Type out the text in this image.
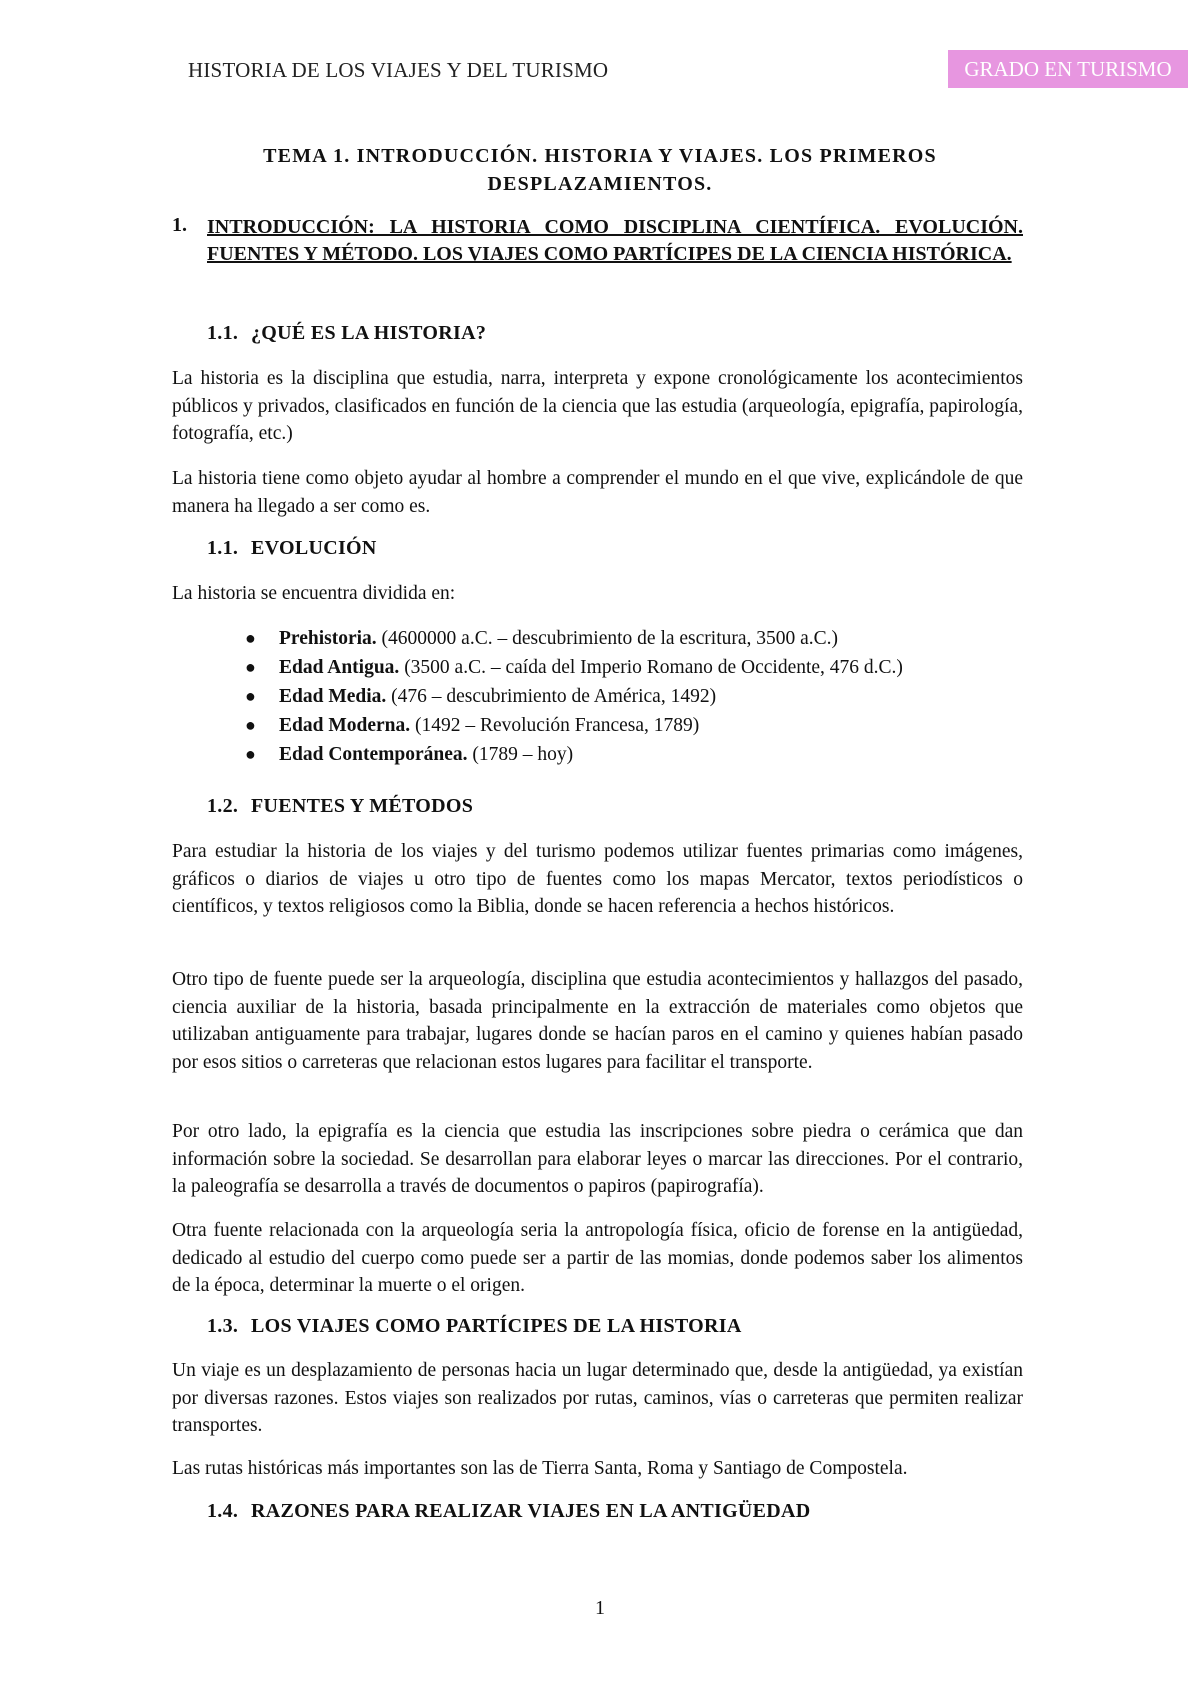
HISTORIA DE LOS VIAJES Y DEL TURISMO	GRADO EN TURISMO
TEMA 1. INTRODUCCIÓN. HISTORIA Y VIAJES. LOS PRIMEROS
DESPLAZAMIENTOS.
1. INTRODUCCIÓN: LA HISTORIA COMO DISCIPLINA CIENTÍFICA. EVOLUCIÓN. FUENTES Y MÉTODO. LOS VIAJES COMO PARTÍCIPES DE LA CIENCIA HISTÓRICA.
1.1. ¿QUÉ ES LA HISTORIA?
La historia es la disciplina que estudia, narra, interpreta y expone cronológicamente los acontecimientos públicos y privados, clasificados en función de la ciencia que las estudia (arqueología, epigrafía, papirología, fotografía, etc.)
La historia tiene como objeto ayudar al hombre a comprender el mundo en el que vive, explicándole de que manera ha llegado a ser como es.
1.1. EVOLUCIÓN
La historia se encuentra dividida en:
● Prehistoria. (4600000 a.C. – descubrimiento de la escritura, 3500 a.C.)
● Edad Antigua. (3500 a.C. – caída del Imperio Romano de Occidente, 476 d.C.)
● Edad Media. (476 – descubrimiento de América, 1492)
● Edad Moderna. (1492 – Revolución Francesa, 1789)
● Edad Contemporánea. (1789 – hoy)
1.2. FUENTES Y MÉTODOS
Para estudiar la historia de los viajes y del turismo podemos utilizar fuentes primarias como imágenes, gráficos o diarios de viajes u otro tipo de fuentes como los mapas Mercator, textos periodísticos o científicos, y textos religiosos como la Biblia, donde se hacen referencia a hechos históricos.
Otro tipo de fuente puede ser la arqueología, disciplina que estudia acontecimientos y hallazgos del pasado, ciencia auxiliar de la historia, basada principalmente en la extracción de materiales como objetos que utilizaban antiguamente para trabajar, lugares donde se hacían paros en el camino y quienes habían pasado por esos sitios o carreteras que relacionan estos lugares para facilitar el transporte.
Por otro lado, la epigrafía es la ciencia que estudia las inscripciones sobre piedra o cerámica que dan información sobre la sociedad. Se desarrollan para elaborar leyes o marcar las direcciones. Por el contrario, la paleografía se desarrolla a través de documentos o papiros (papirografía).
Otra fuente relacionada con la arqueología seria la antropología física, oficio de forense en la antigüedad, dedicado al estudio del cuerpo como puede ser a partir de las momias, donde podemos saber los alimentos de la época, determinar la muerte o el origen.
1.3. LOS VIAJES COMO PARTÍCIPES DE LA HISTORIA
Un viaje es un desplazamiento de personas hacia un lugar determinado que, desde la antigüedad, ya existían por diversas razones. Estos viajes son realizados por rutas, caminos, vías o carreteras que permiten realizar transportes.
Las rutas históricas más importantes son las de Tierra Santa, Roma y Santiago de Compostela.
1.4. RAZONES PARA REALIZAR VIAJES EN LA ANTIGÜEDAD
1
